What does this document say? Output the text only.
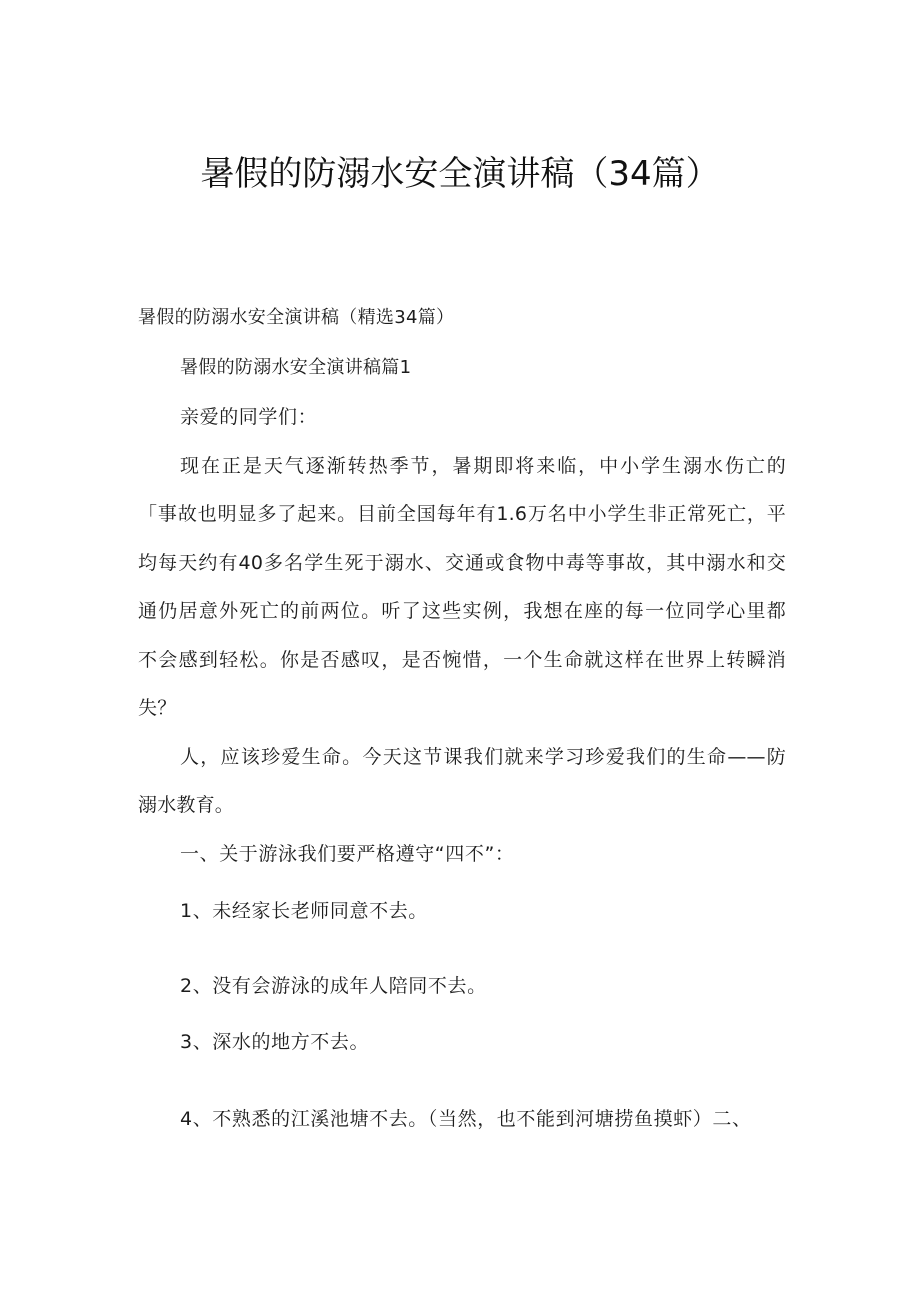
暑假的防溺水安全演讲稿（34篇）
暑假的防溺水安全演讲稿（精选34篇）
暑假的防溺水安全演讲稿篇1
亲爱的同学们：
现在正是天气逐渐转热季节，暑期即将来临，中小学生溺水伤亡的
「事故也明显多了起来。目前全国每年有1.6万名中小学生非正常死亡，平
均每天约有40多名学生死于溺水、交通或食物中毒等事故，其中溺水和交
通仍居意外死亡的前两位。听了这些实例，我想在座的每一位同学心里都
不会感到轻松。你是否感叹，是否惋惜，一个生命就这样在世界上转瞬消
失？
人，应该珍爱生命。今天这节课我们就来学习珍爱我们的生命——防
溺水教育。
一、关于游泳我们要严格遵守“四不”：
1、未经家长老师同意不去。
2、没有会游泳的成年人陪同不去。
3、深水的地方不去。
4、不熟悉的江溪池塘不去。（当然，也不能到河塘捞鱼摸虾）二、
